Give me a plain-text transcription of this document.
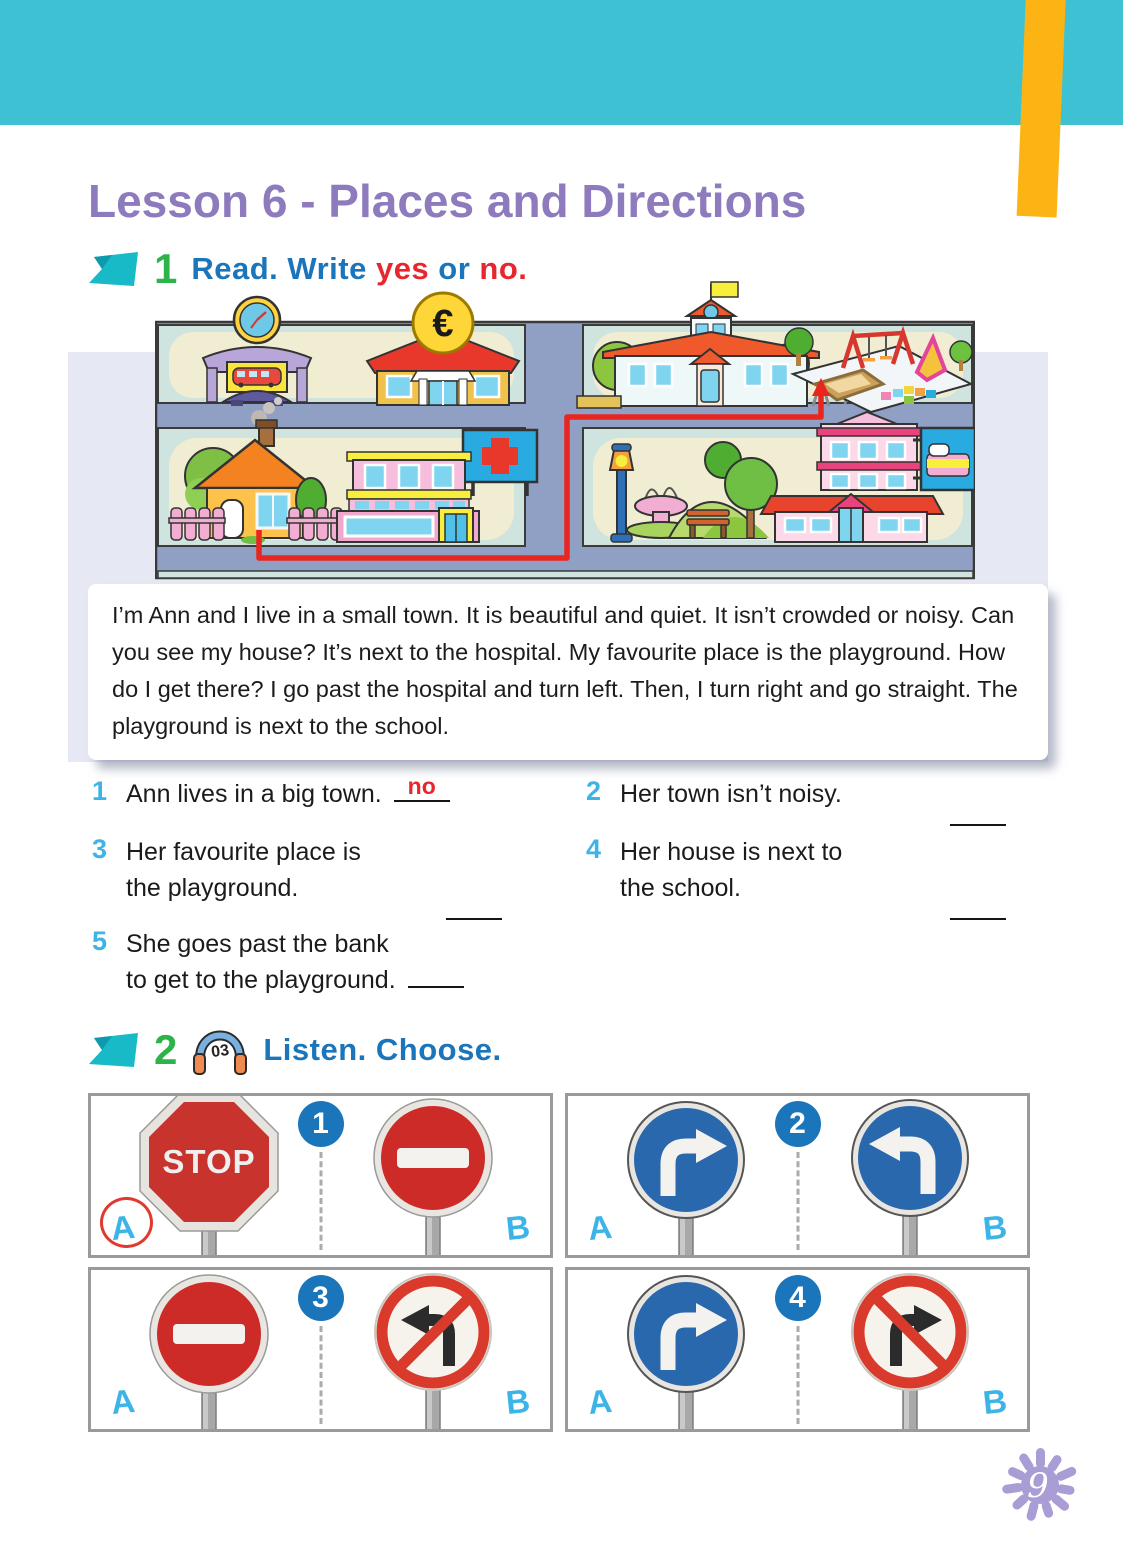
Lesson 6 - Places and Directions
1 Read. Write yes or no.
€
I’m Ann and I live in a small town. It is beautiful and quiet. It isn’t crowded or noisy. Can you see my house? It’s next to the hospital. My favourite place is the playground. How do I get there? I go past the hospital and turn left. Then, I turn right and go straight. The playground is next to the school.
1 Ann lives in a big town.	no	2 Her town isn’t noisy.
3 Her favourite place is
the playground.
4 Her house is next to
the school.
5 She goes past the bank
to get to the playground.
2 03 Listen. Choose.
1
A	B
2
A	B
3
A	B
4
A	B
9
